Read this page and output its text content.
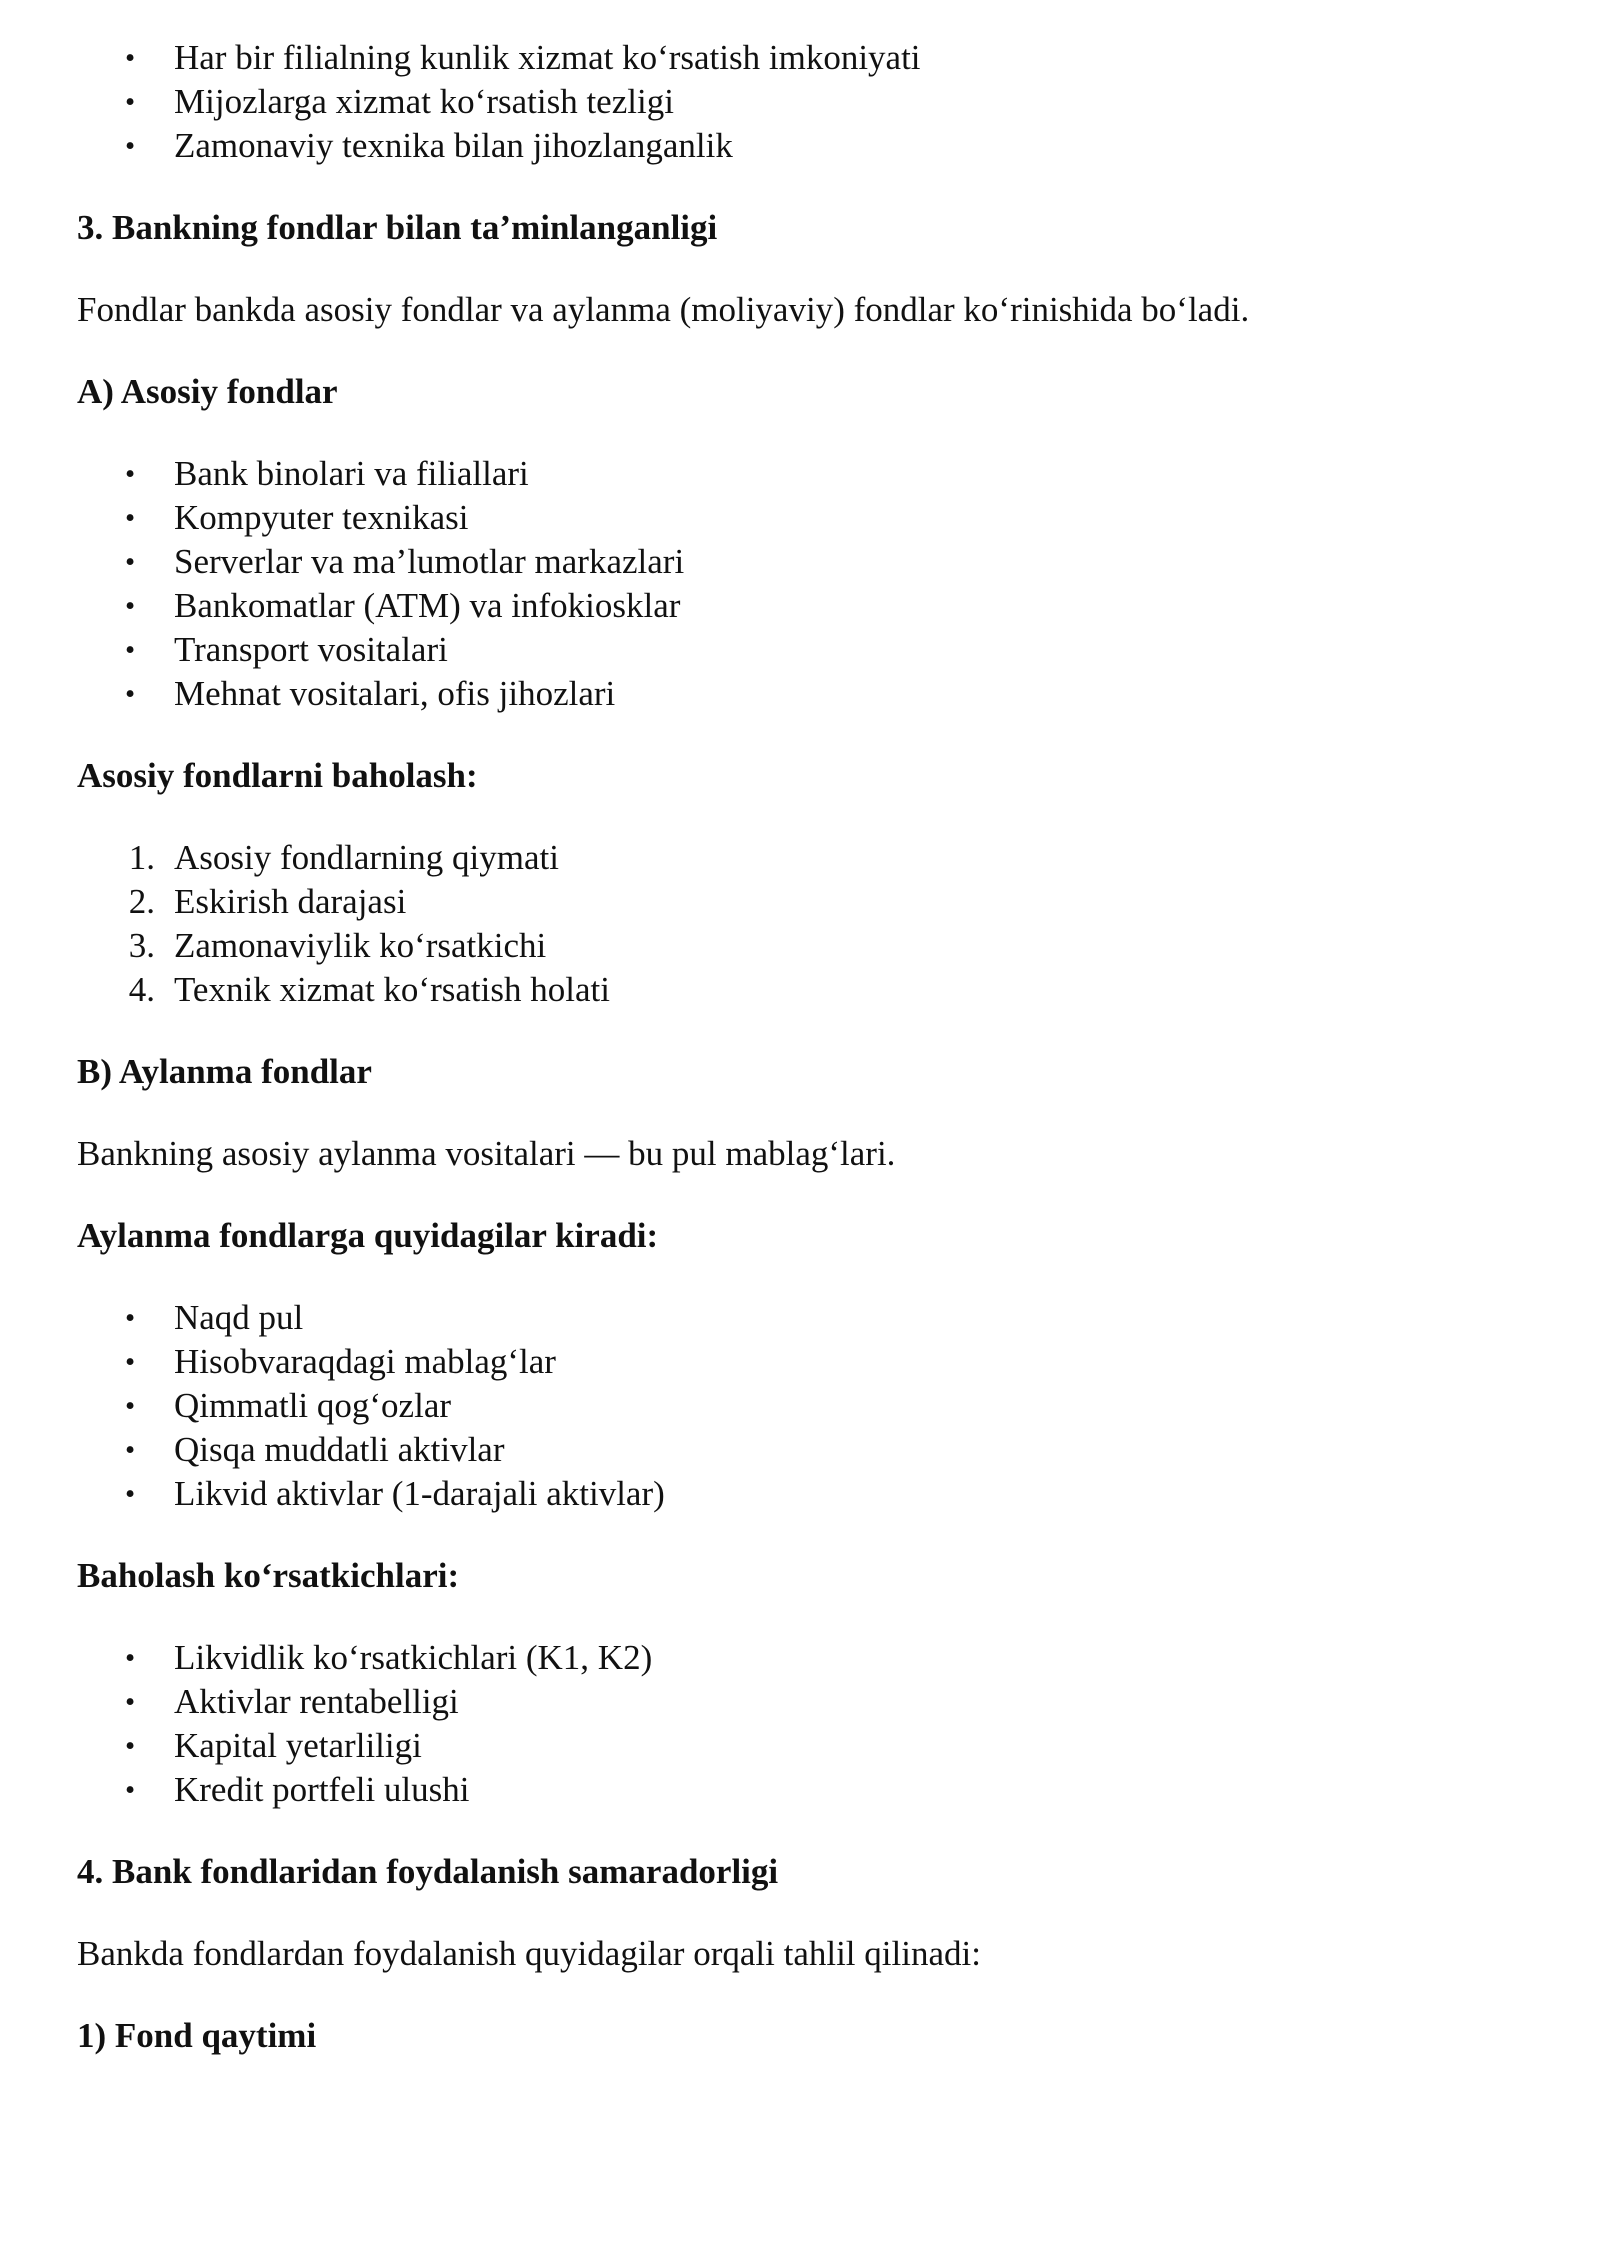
•	Har bir filialning kunlik xizmat ko‘rsatish imkoniyati
•	Mijozlarga xizmat ko‘rsatish tezligi
•	Zamonaviy texnika bilan jihozlanganlik
3. Bankning fondlar bilan ta’minlanganligi

Fondlar bankda asosiy fondlar va aylanma (moliyaviy) fondlar ko‘rinishida bo‘ladi.

A) Asosiy fondlar
•	Bank binolari va filiallari
•	Kompyuter texnikasi
•	Serverlar va ma’lumotlar markazlari
•	Bankomatlar (ATM) va infokiosklar
•	Transport vositalari
•	Mehnat vositalari, ofis jihozlari
Asosiy fondlarni baholash:
1. Asosiy fondlarning qiymati
2. Eskirish darajasi
3. Zamonaviylik ko‘rsatkichi
4. Texnik xizmat ko‘rsatish holati
B) Aylanma fondlar

Bankning asosiy aylanma vositalari — bu pul mablag‘lari.

Aylanma fondlarga quyidagilar kiradi:
•	Naqd pul
•	Hisobvaraqdagi mablag‘lar
•	Qimmatli qog‘ozlar
•	Qisqa muddatli aktivlar
•	Likvid aktivlar (1-darajali aktivlar)
Baholash ko‘rsatkichlari:
•	Likvidlik ko‘rsatkichlari (K1, K2)
•	Aktivlar rentabelligi
•	Kapital yetarliligi
•	Kredit portfeli ulushi
4. Bank fondlaridan foydalanish samaradorligi

Bankda fondlardan foydalanish quyidagilar orqali tahlil qilinadi:

1) Fond qaytimi
